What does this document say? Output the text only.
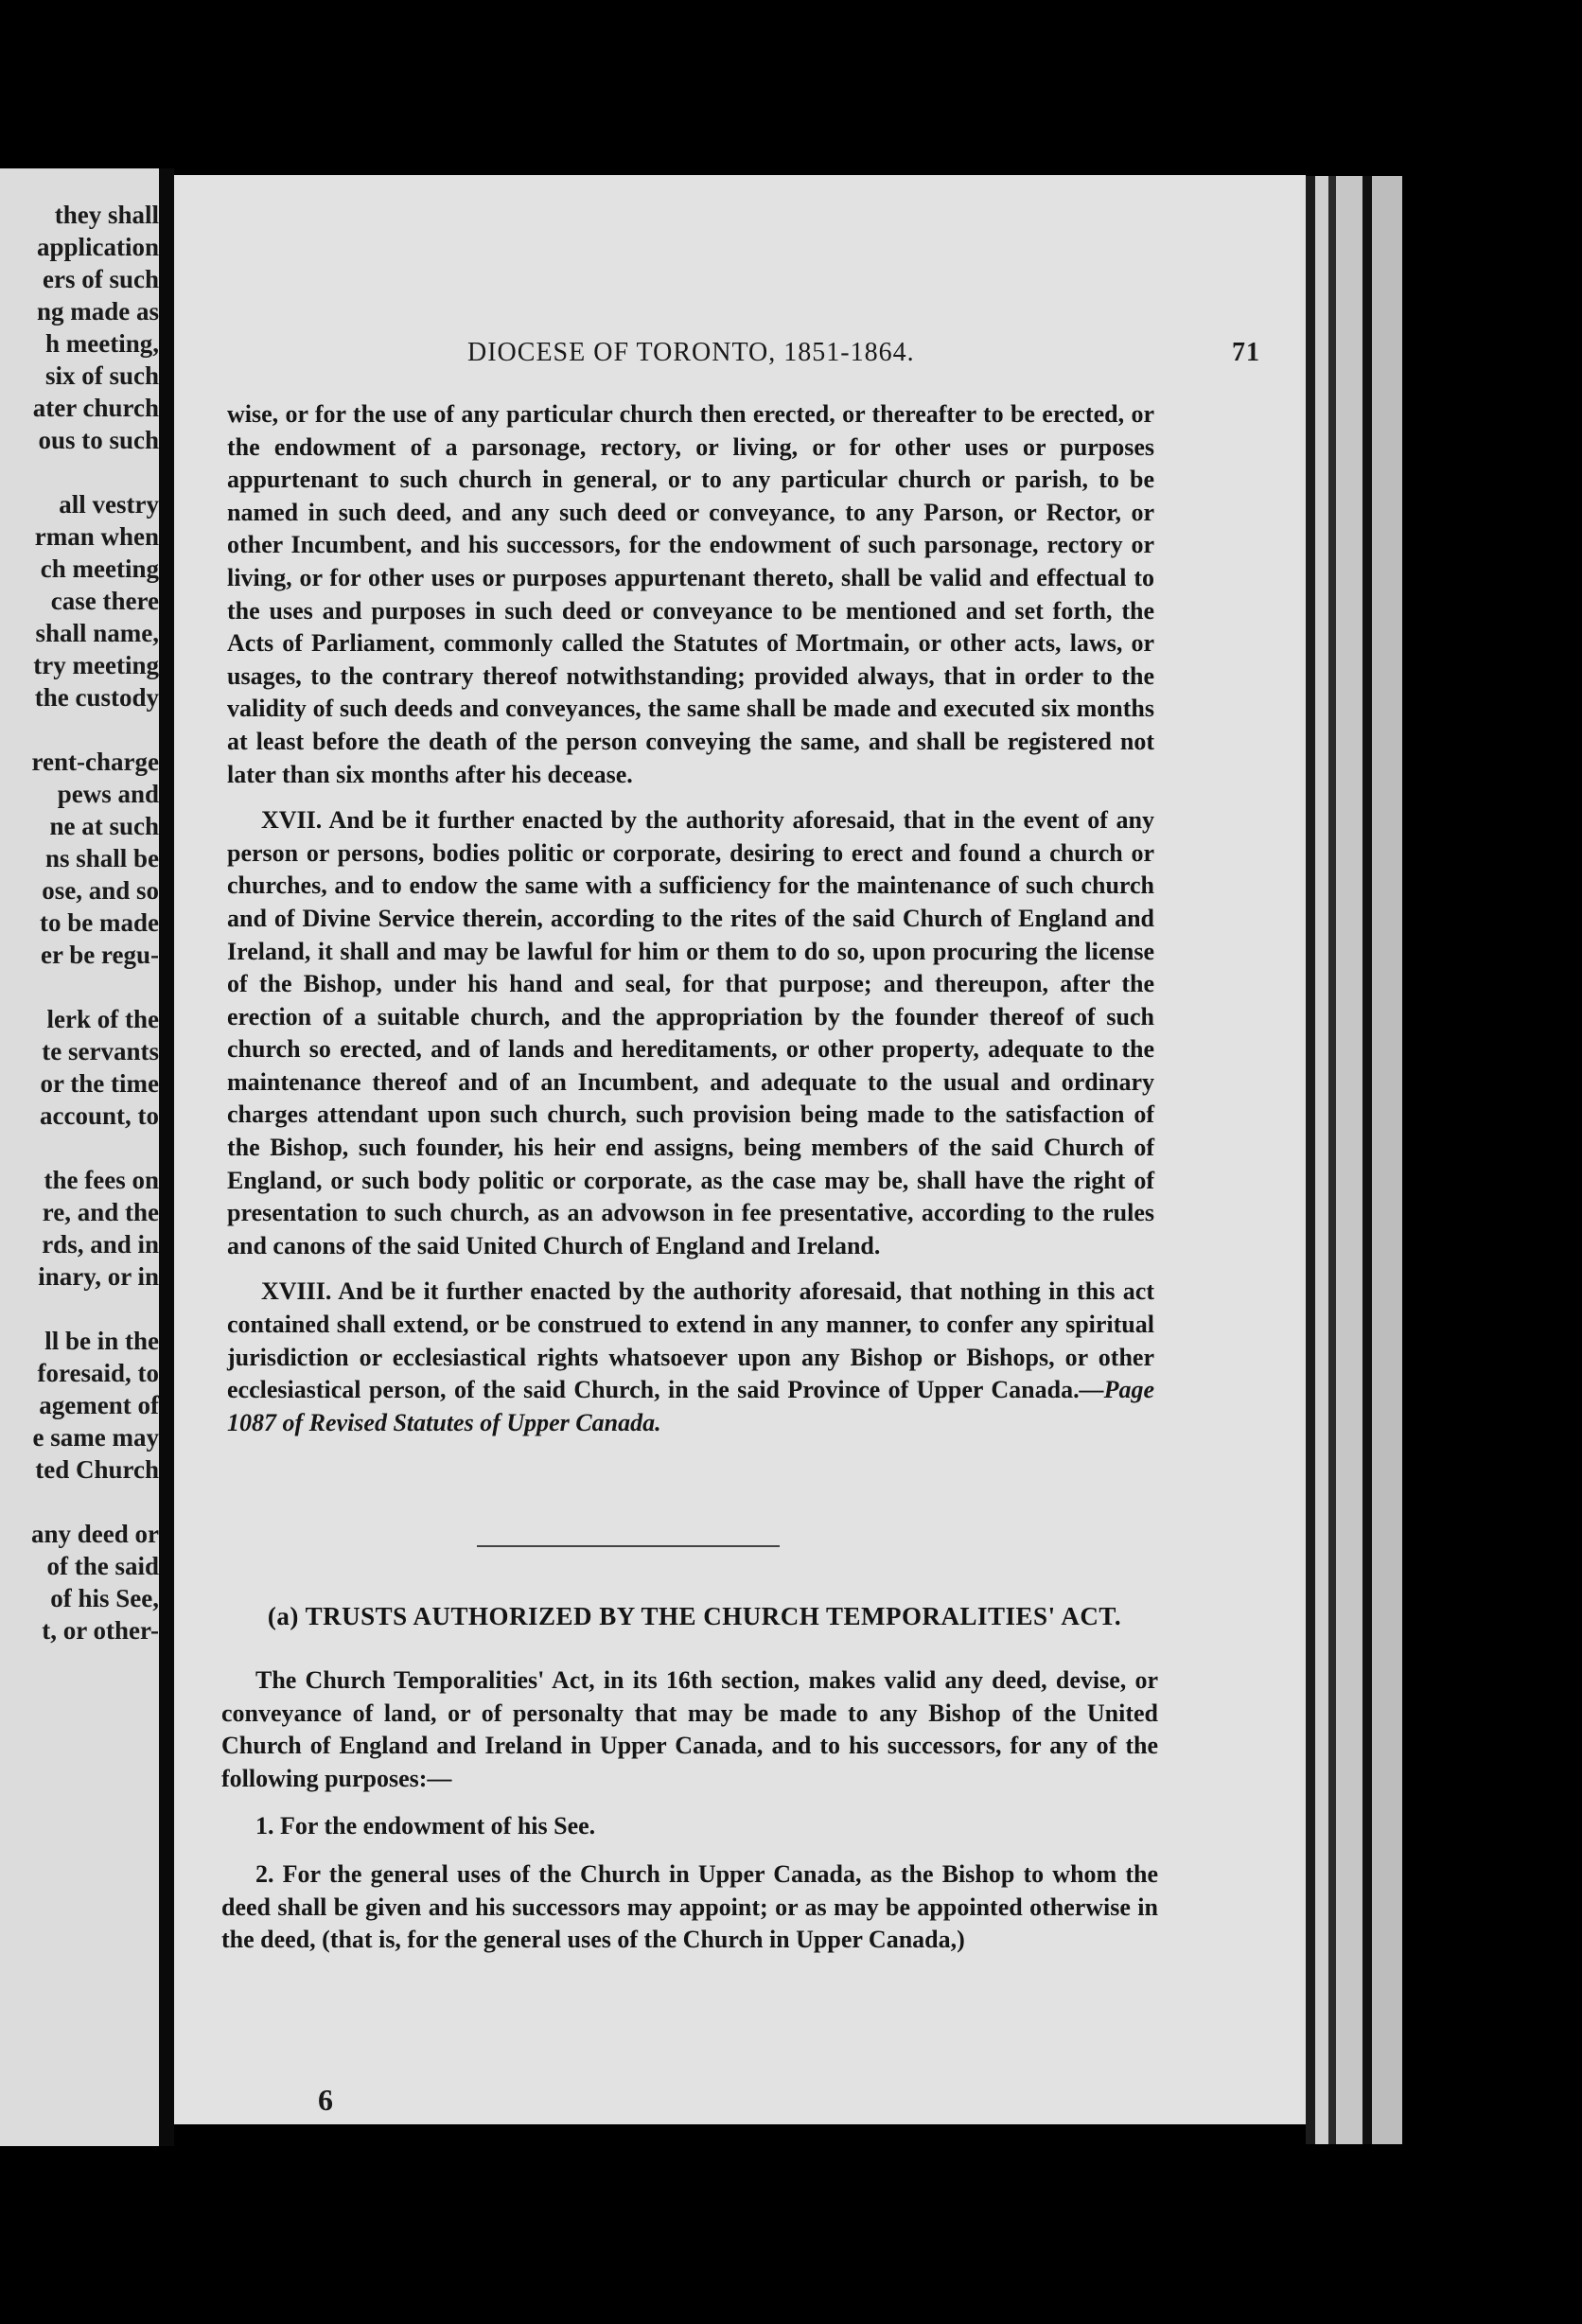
they shall
application
ers of such
ng made as
h meeting,
six of such
ater church
ous to such
all vestry
rman when
ch meeting
case there
shall name,
try meeting
the custody
rent-charge
pews and
ne at such
ns shall be
ose, and so
to be made
er be regu-
lerk of the
te servants
or the time
account, to
the fees on
re, and the
rds, and in
inary, or in
ll be in the
foresaid, to
agement of
e same may
ted Church
any deed or
of the said
of his See,
t, or other-
DIOCESE OF TORONTO, 1851-1864.	71

wise, or for the use of any particular church then erected, or thereafter to be erected, or the endowment of a parsonage, rectory, or living, or for other uses or purposes appurtenant to such church in general, or to any particular church or parish, to be named in such deed, and any such deed or conveyance, to any Parson, or Rector, or other Incumbent, and his successors, for the endowment of such parsonage, rectory or living, or for other uses or purposes appurtenant thereto, shall be valid and effectual to the uses and purposes in such deed or conveyance to be mentioned and set forth, the Acts of Parliament, commonly called the Statutes of Mortmain, or other acts, laws, or usages, to the contrary thereof notwithstanding; provided always, that in order to the validity of such deeds and conveyances, the same shall be made and executed six months at least before the death of the person conveying the same, and shall be registered not later than six months after his decease.

XVII. And be it further enacted by the authority aforesaid, that in the event of any person or persons, bodies politic or corporate, desiring to erect and found a church or churches, and to endow the same with a sufficiency for the maintenance of such church and of Divine Service therein, according to the rites of the said Church of England and Ireland, it shall and may be lawful for him or them to do so, upon procuring the license of the Bishop, under his hand and seal, for that purpose; and thereupon, after the erection of a suitable church, and the appropriation by the founder thereof of such church so erected, and of lands and hereditaments, or other property, adequate to the maintenance thereof and of an Incumbent, and adequate to the usual and ordinary charges attendant upon such church, such provision being made to the satisfaction of the Bishop, such founder, his heir end assigns, being members of the said Church of England, or such body politic or corporate, as the case may be, shall have the right of presentation to such church, as an advowson in fee presentative, according to the rules and canons of the said United Church of England and Ireland.

XVIII. And be it further enacted by the authority aforesaid, that nothing in this act contained shall extend, or be construed to extend in any manner, to confer any spiritual jurisdiction or ecclesiastical rights whatsoever upon any Bishop or Bishops, or other ecclesiastical person, of the said Church, in the said Province of Upper Canada.—Page 1087 of Revised Statutes of Upper Canada.

(a) TRUSTS AUTHORIZED BY THE CHURCH TEMPORALITIES' ACT.

The Church Temporalities' Act, in its 16th section, makes valid any deed, devise, or conveyance of land, or of personalty that may be made to any Bishop of the United Church of England and Ireland in Upper Canada, and to his successors, for any of the following purposes:—

1. For the endowment of his See.

2. For the general uses of the Church in Upper Canada, as the Bishop to whom the deed shall be given and his successors may appoint; or as may be appointed otherwise in the deed, (that is, for the general uses of the Church in Upper Canada,)

6
